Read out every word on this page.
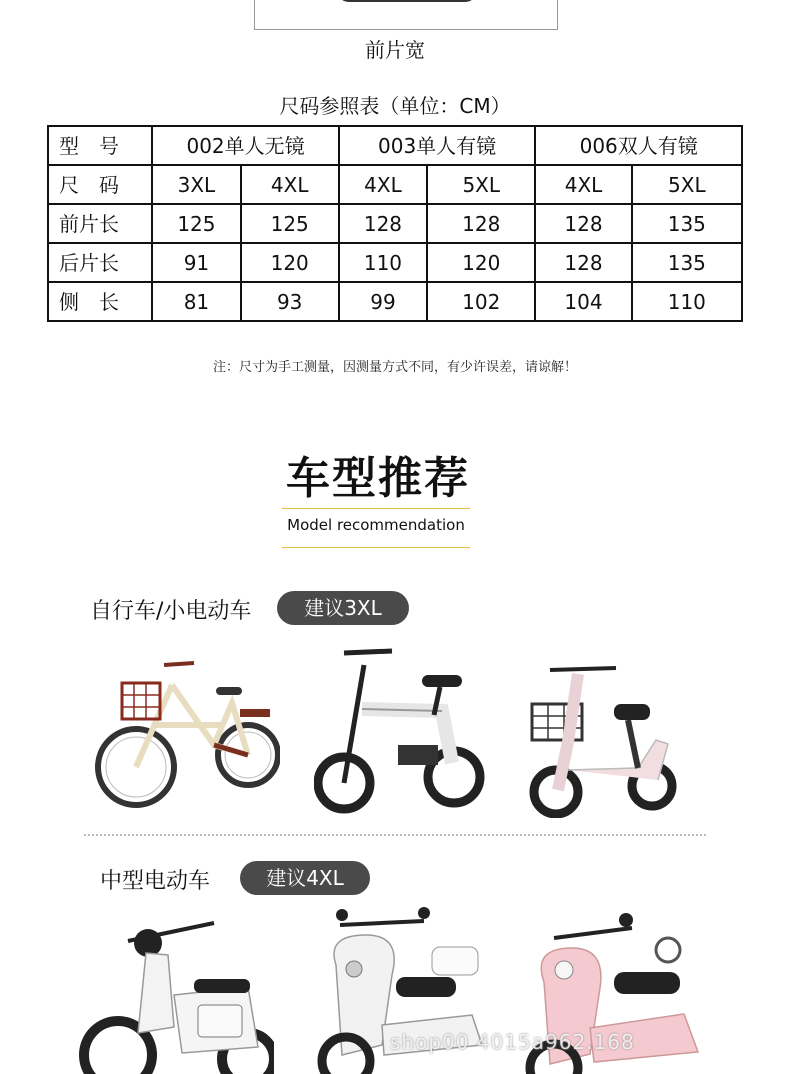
前片宽
尺码参照表（单位：CM）
型　号	002单人无镜		003单人有镜		006双人有镜	
尺　码	3XL	4XL	4XL	5XL	4XL	5XL
前片长	125	125	128	128	128	135
后片长	91	120	110	120	128	135
侧　长	81	93	99	102	104	110
注：尺寸为手工测量，因测量方式不同，有少许误差，请谅解！
车型推荐
Model recommendation
自行车/小电动车	建议3XL
中型电动车	建议4XL
shop00 4015a962.168
